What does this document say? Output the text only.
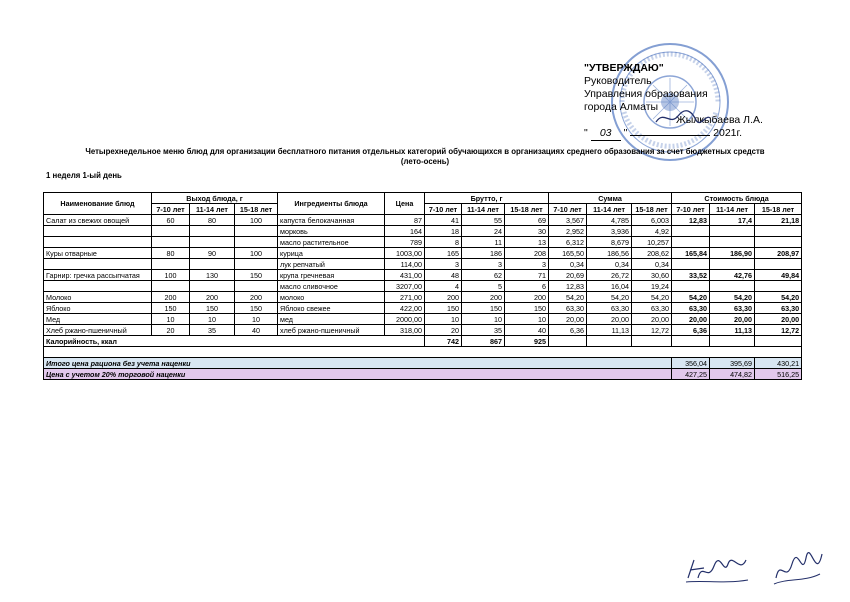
"УТВЕРЖДАЮ"
Руководитель
Управления образования
города Алматы
Жылкыбаева Л.А.
" 03 "	2021г.
Четырехнедельное меню блюд для организации бесплатного питания отдельных категорий обучающихся в организациях среднего образования за счет бюджетных средств
(лето-осень)
1 неделя 1-ый день
Наименование блюд	Выход блюда, г			Ингредиенты блюда	Цена	Брутто, г			Сумма			Стоимость блюда		
	7-10 лет	11-14 лет	15-18 лет			7-10 лет	11-14 лет	15-18 лет	7-10 лет	11-14 лет	15-18 лет	7-10 лет	11-14 лет	15-18 лет
Салат из свежих овощей	60	80	100	капуста белокачанная	87	41	55	69	3,567	4,785	6,003	12,83	17,4	21,18
				морковь	164	18	24	30	2,952	3,936	4,92			
				масло растительное	789	8	11	13	6,312	8,679	10,257			
Куры отварные	80	90	100	курица	1003,00	165	186	208	165,50	186,56	208,62	165,84	186,90	208,97
				лук репчатый	114,00	3	3	3	0,34	0,34	0,34			
Гарнир: гречка рассыпчатая	100	130	150	крупа гречневая	431,00	48	62	71	20,69	26,72	30,60	33,52	42,76	49,84
				масло сливочное	3207,00	4	5	6	12,83	16,04	19,24			
Молоко	200	200	200	молоко	271,00	200	200	200	54,20	54,20	54,20	54,20	54,20	54,20
Яблоко	150	150	150	Яблоко свежее	422,00	150	150	150	63,30	63,30	63,30	63,30	63,30	63,30
Мед	10	10	10	мед	2000,00	10	10	10	20,00	20,00	20,00	20,00	20,00	20,00
Хлеб ржано-пшеничный	20	35	40	хлеб ржано-пшеничный	318,00	20	35	40	6,36	11,13	12,72	6,36	11,13	12,72
Калорийность, ккал						742	867	925						

Итого цена рациона без учета наценки												356,04	395,69	430,21
Цена с учетом 20% торговой наценки												427,25	474,82	516,25
